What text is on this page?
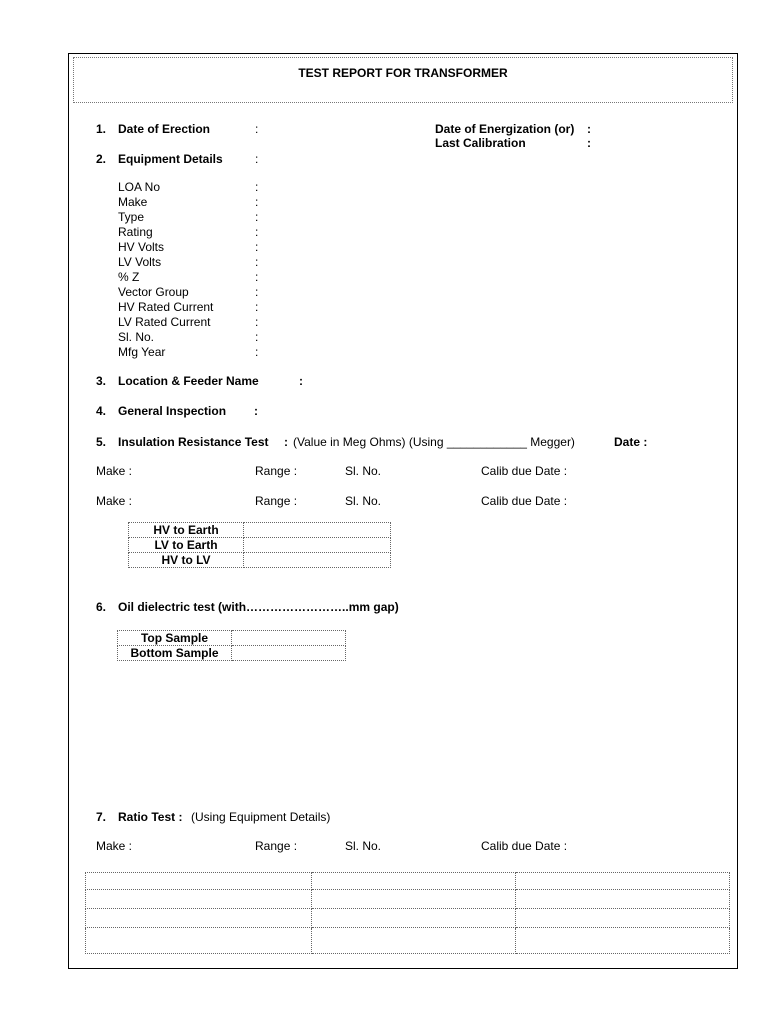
TEST REPORT FOR TRANSFORMER
1. Date of Erection	:	Date of Energization (or) :
Last Calibration	:
2. Equipment Details	:
LOA No	:
Make	:
Type	:
Rating	:
HV Volts	:
LV Volts	:
% Z	:
Vector Group	:
HV Rated Current	:
LV Rated Current	:
Sl. No.	:
Mfg Year	:
3. Location & Feeder Name	:
4. General Inspection :
5. Insulation Resistance Test : (Value in Meg Ohms) (Using ____________ Megger)	Date :
Make :	Range :	Sl. No.	Calib due Date :
Make :	Range :	Sl. No.	Calib due Date :
HV to Earth	
LV to Earth	
HV to LV	
6. Oil dielectric test (with……………………..mm gap)
Top Sample	
Bottom Sample	
7. Ratio Test : (Using Equipment Details)
Make :	Range :	Sl. No.	Calib due Date :
